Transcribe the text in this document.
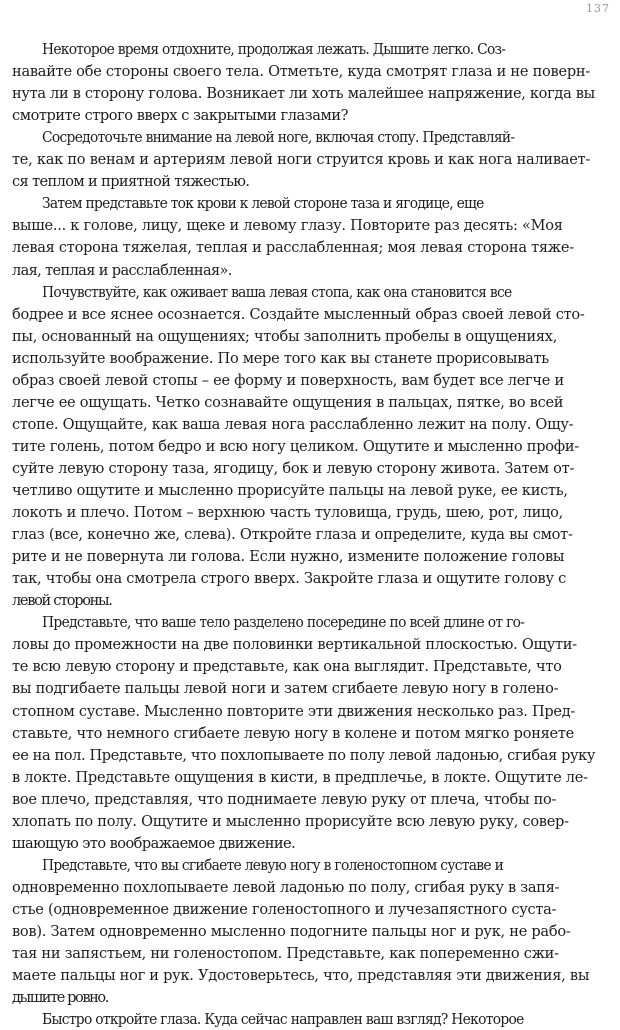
137
Некоторое время отдохните, продолжая лежать. Дышите легко. Соз-
навайте обе стороны своего тела. Отметьте, куда смотрят глаза и не поверн-
нута ли в сторону голова. Возникает ли хоть малейшее напряжение, когда вы
смотрите строго вверх с закрытыми глазами?
Сосредоточьте внимание на левой ноге, включая стопу. Представляй-
те, как по венам и артериям левой ноги струится кровь и как нога наливает-
ся теплом и приятной тяжестью.
Затем представьте ток крови к левой стороне таза и ягодице, еще
выше... к голове, лицу, щеке и левому глазу. Повторите раз десять: «Моя
левая сторона тяжелая, теплая и расслабленная; моя левая сторона тяже-
лая, теплая и расслабленная».
Почувствуйте, как оживает ваша левая стопа, как она становится все
бодрее и все яснее осознается. Создайте мысленный образ своей левой сто-
пы, основанный на ощущениях; чтобы заполнить пробелы в ощущениях,
используйте воображение. По мере того как вы станете прорисовывать
образ своей левой стопы – ее форму и поверхность, вам будет все легче и
легче ее ощущать. Четко сознавайте ощущения в пальцах, пятке, во всей
стопе. Ощущайте, как ваша левая нога расслабленно лежит на полу. Ощу-
тите голень, потом бедро и всю ногу целиком. Ощутите и мысленно профи-
суйте левую сторону таза, ягодицу, бок и левую сторону живота. Затем от-
четливо ощутите и мысленно прорисуйте пальцы на левой руке, ее кисть,
локоть и плечо. Потом – верхнюю часть туловища, грудь, шею, рот, лицо,
глаз (все, конечно же, слева). Откройте глаза и определите, куда вы смот-
рите и не повернута ли голова. Если нужно, измените положение головы
так, чтобы она смотрела строго вверх. Закройте глаза и ощутите голову с
левой стороны.
Представьте, что ваше тело разделено посередине по всей длине от го-
ловы до промежности на две половинки вертикальной плоскостью. Ощути-
те всю левую сторону и представьте, как она выглядит. Представьте, что
вы подгибаете пальцы левой ноги и затем сгибаете левую ногу в голено-
стопном суставе. Мысленно повторите эти движения несколько раз. Пред-
ставьте, что немного сгибаете левую ногу в колене и потом мягко роняете
ее на пол. Представьте, что похлопываете по полу левой ладонью, сгибая руку
в локте. Представьте ощущения в кисти, в предплечье, в локте. Ощутите ле-
вое плечо, представляя, что поднимаете левую руку от плеча, чтобы по-
хлопать по полу. Ощутите и мысленно прорисуйте всю левую руку, совер-
шающую это воображаемое движение.
Представьте, что вы сгибаете левую ногу в голеностопном суставе и
одновременно похлопываете левой ладонью по полу, сгибая руку в запя-
стье (одновременное движение голеностопного и лучезапястного суста-
вов). Затем одновременно мысленно подогните пальцы ног и рук, не рабо-
тая ни запястьем, ни голеностопом. Представьте, как попеременно сжи-
маете пальцы ног и рук. Удостоверьтесь, что, представляя эти движения, вы
дышите ровно.
Быстро откройте глаза. Куда сейчас направлен ваш взгляд? Некоторое
